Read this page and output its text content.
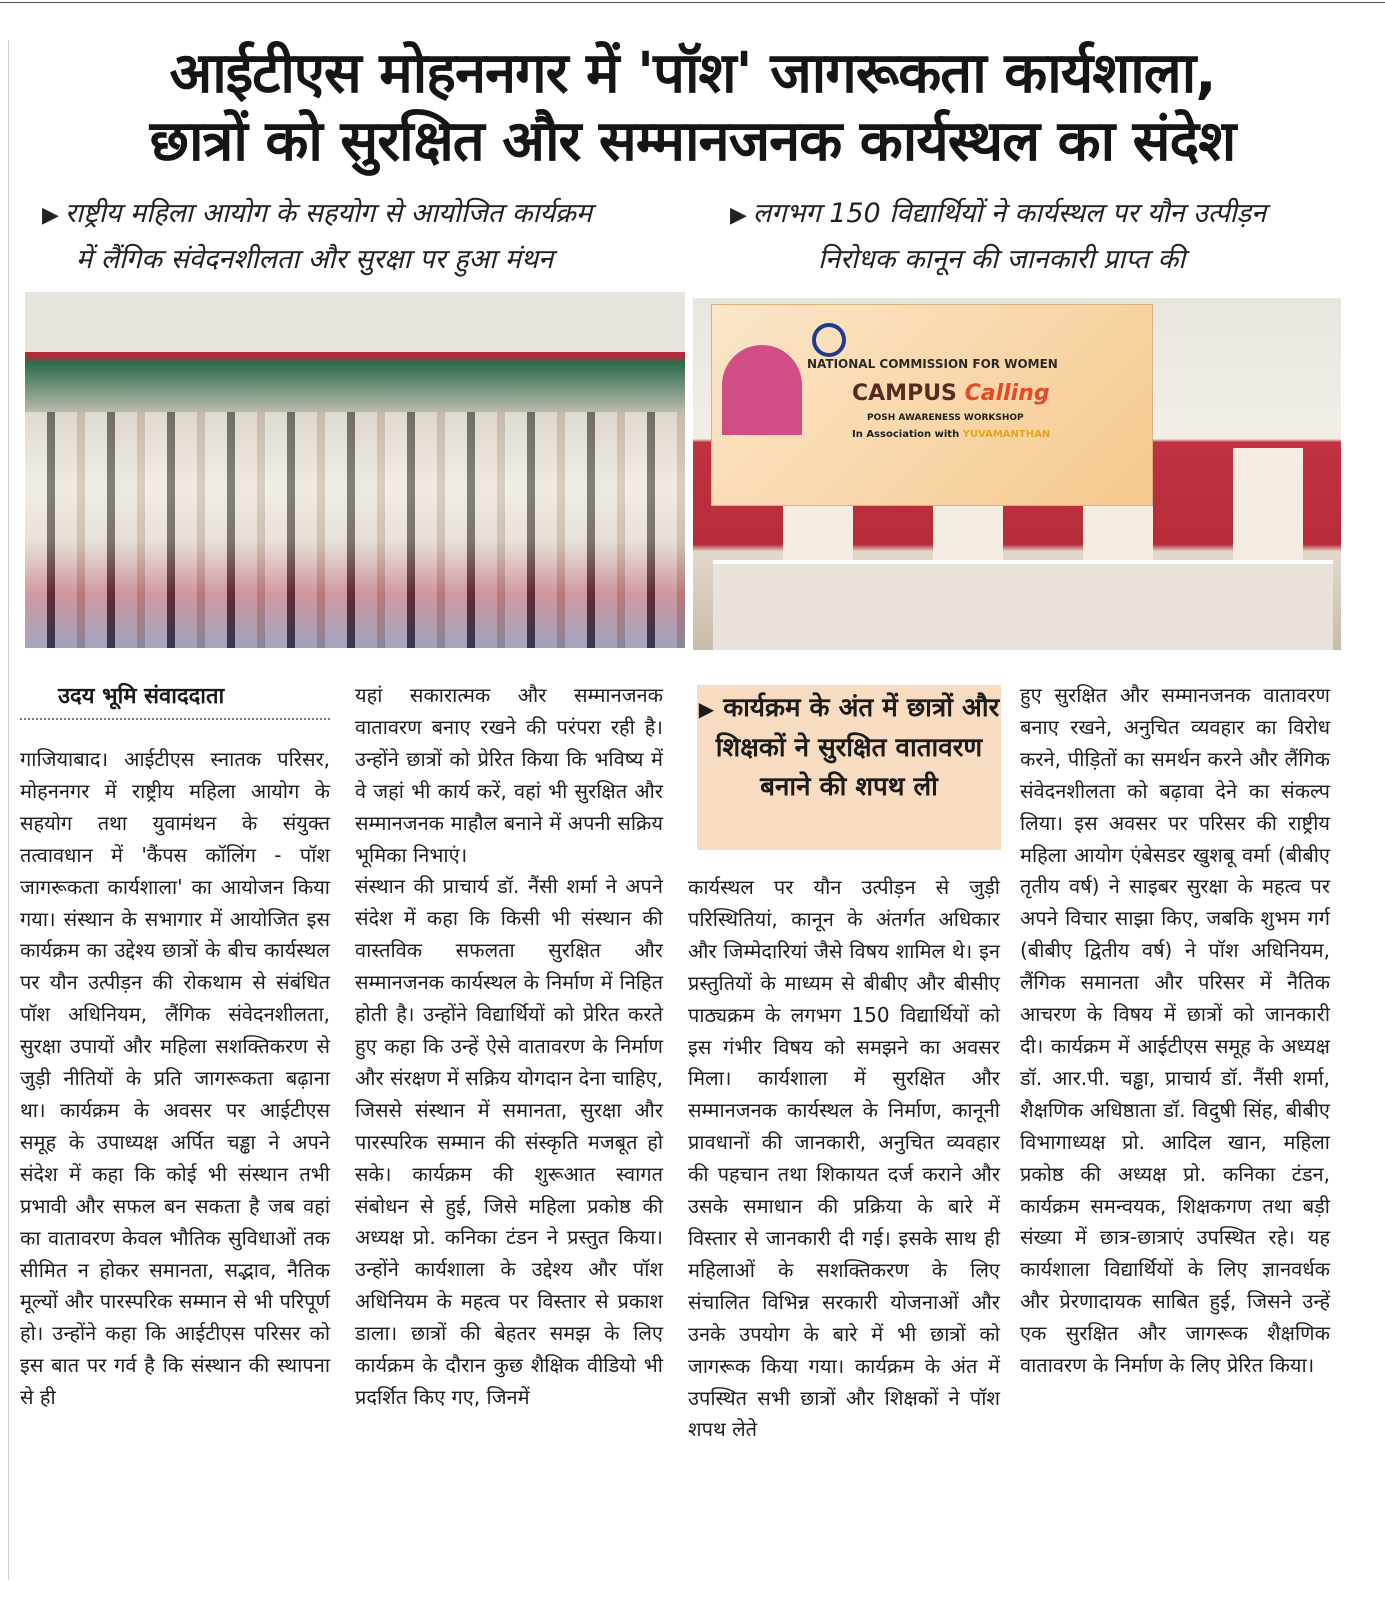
आईटीएस मोहननगर में 'पॉश' जागरूकता कार्यशाला,
छात्रों को सुरक्षित और सम्मानजनक कार्यस्थल का संदेश
▶ राष्ट्रीय महिला आयोग के सहयोग से आयोजित कार्यक्रम
में लैंगिक संवेदनशीलता और सुरक्षा पर हुआ मंथन
▶ लगभग 150 विद्यार्थियों ने कार्यस्थल पर यौन उत्पीड़न
निरोधक कानून की जानकारी प्राप्त की
NATIONAL COMMISSION FOR WOMEN
CAMPUS Calling
POSH AWARENESS WORKSHOP
In Association with YUVAMANTHAN
उदय भूमि संवाददाता

गाजियाबाद। आईटीएस स्नातक परिसर, मोहननगर में राष्ट्रीय महिला आयोग के सहयोग तथा युवामंथन के संयुक्त तत्वावधान में 'कैंपस कॉलिंग - पॉश जागरूकता कार्यशाला' का आयोजन किया गया। संस्थान के सभागार में आयोजित इस कार्यक्रम का उद्देश्य छात्रों के बीच कार्यस्थल पर यौन उत्पीड़न की रोकथाम से संबंधित पॉश अधिनियम, लैंगिक संवेदनशीलता, सुरक्षा उपायों और महिला सशक्तिकरण से जुड़ी नीतियों के प्रति जागरूकता बढ़ाना था। कार्यक्रम के अवसर पर आईटीएस समूह के उपाध्यक्ष अर्पित चड्ढा ने अपने संदेश में कहा कि कोई भी संस्थान तभी प्रभावी और सफल बन सकता है जब वहां का वातावरण केवल भौतिक सुविधाओं तक सीमित न होकर समानता, सद्भाव, नैतिक मूल्यों और पारस्परिक सम्मान से भी परिपूर्ण हो। उन्होंने कहा कि आईटीएस परिसर को इस बात पर गर्व है कि संस्थान की स्थापना से ही

यहां सकारात्मक और सम्मानजनक वातावरण बनाए रखने की परंपरा रही है। उन्होंने छात्रों को प्रेरित किया कि भविष्य में वे जहां भी कार्य करें, वहां भी सुरक्षित और सम्मानजनक माहौल बनाने में अपनी सक्रिय भूमिका निभाएं।

संस्थान की प्राचार्य डॉ. नैंसी शर्मा ने अपने संदेश में कहा कि किसी भी संस्थान की वास्तविक सफलता सुरक्षित और सम्मानजनक कार्यस्थल के निर्माण में निहित होती है। उन्होंने विद्यार्थियों को प्रेरित करते हुए कहा कि उन्हें ऐसे वातावरण के निर्माण और संरक्षण में सक्रिय योगदान देना चाहिए, जिससे संस्थान में समानता, सुरक्षा और पारस्परिक सम्मान की संस्कृति मजबूत हो सके। कार्यक्रम की शुरूआत स्वागत संबोधन से हुई, जिसे महिला प्रकोष्ठ की अध्यक्ष प्रो. कनिका टंडन ने प्रस्तुत किया। उन्होंने कार्यशाला के उद्देश्य और पॉश अधिनियम के महत्व पर विस्तार से प्रकाश डाला। छात्रों की बेहतर समझ के लिए कार्यक्रम के दौरान कुछ शैक्षिक वीडियो भी प्रदर्शित किए गए, जिनमें

▶ कार्यक्रम के अंत में छात्रों और शिक्षकों ने सुरक्षित वातावरण बनाने की शपथ ली

कार्यस्थल पर यौन उत्पीड़न से जुड़ी परिस्थितियां, कानून के अंतर्गत अधिकार और जिम्मेदारियां जैसे विषय शामिल थे। इन प्रस्तुतियों के माध्यम से बीबीए और बीसीए पाठ्यक्रम के लगभग 150 विद्यार्थियों को इस गंभीर विषय को समझने का अवसर मिला। कार्यशाला में सुरक्षित और सम्मानजनक कार्यस्थल के निर्माण, कानूनी प्रावधानों की जानकारी, अनुचित व्यवहार की पहचान तथा शिकायत दर्ज कराने और उसके समाधान की प्रक्रिया के बारे में विस्तार से जानकारी दी गई। इसके साथ ही महिलाओं के सशक्तिकरण के लिए संचालित विभिन्न सरकारी योजनाओं और उनके उपयोग के बारे में भी छात्रों को जागरूक किया गया। कार्यक्रम के अंत में उपस्थित सभी छात्रों और शिक्षकों ने पॉश शपथ लेते

हुए सुरक्षित और सम्मानजनक वातावरण बनाए रखने, अनुचित व्यवहार का विरोध करने, पीड़ितों का समर्थन करने और लैंगिक संवेदनशीलता को बढ़ावा देने का संकल्प लिया। इस अवसर पर परिसर की राष्ट्रीय महिला आयोग एंबेसडर खुशबू वर्मा (बीबीए तृतीय वर्ष) ने साइबर सुरक्षा के महत्व पर अपने विचार साझा किए, जबकि शुभम गर्ग (बीबीए द्वितीय वर्ष) ने पॉश अधिनियम, लैंगिक समानता और परिसर में नैतिक आचरण के विषय में छात्रों को जानकारी दी। कार्यक्रम में आईटीएस समूह के अध्यक्ष डॉ. आर.पी. चड्ढा, प्राचार्य डॉ. नैंसी शर्मा, शैक्षणिक अधिष्ठाता डॉ. विदुषी सिंह, बीबीए विभागाध्यक्ष प्रो. आदिल खान, महिला प्रकोष्ठ की अध्यक्ष प्रो. कनिका टंडन, कार्यक्रम समन्वयक, शिक्षकगण तथा बड़ी संख्या में छात्र-छात्राएं उपस्थित रहे। यह कार्यशाला विद्यार्थियों के लिए ज्ञानवर्धक और प्रेरणादायक साबित हुई, जिसने उन्हें एक सुरक्षित और जागरूक शैक्षणिक वातावरण के निर्माण के लिए प्रेरित किया।
